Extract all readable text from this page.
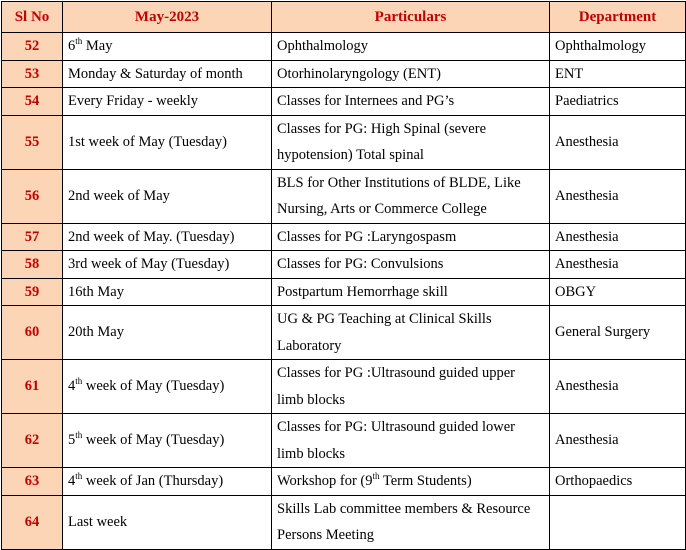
Sl No	May-2023	Particulars	Department
52	6th May	Ophthalmology	Ophthalmology
53	Monday & Saturday of month	Otorhinolaryngology (ENT)	ENT
54	Every Friday - weekly	Classes for Internees and PG’s	Paediatrics
55	1st week of May (Tuesday)	Classes for PG: High Spinal (severe hypotension) Total spinal	Anesthesia
56	2nd week of May	BLS for Other Institutions of BLDE, Like Nursing, Arts or Commerce College	Anesthesia
57	2nd week of May. (Tuesday)	Classes for PG :Laryngospasm	Anesthesia
58	3rd week of May (Tuesday)	Classes for PG: Convulsions	Anesthesia
59	16th May	Postpartum Hemorrhage skill	OBGY
60	20th May	UG & PG Teaching at Clinical Skills Laboratory	General Surgery
61	4th week of May (Tuesday)	Classes for PG :Ultrasound guided upper limb blocks	Anesthesia
62	5th week of May (Tuesday)	Classes for PG: Ultrasound guided lower limb blocks	Anesthesia
63	4th week of Jan (Thursday)	Workshop for (9th Term Students)	Orthopaedics
64	Last week	Skills Lab committee members & Resource Persons Meeting	
